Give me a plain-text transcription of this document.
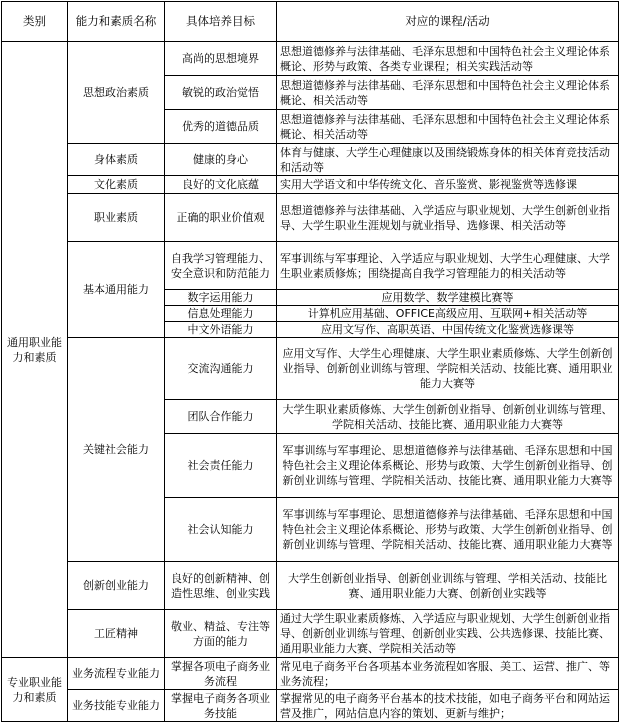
类别	能力和素质名称	具体培养目标	对应的课程/活动
通用职业能力和素质	思想政治素质	高尚的思想境界	思想道德修养与法律基础、毛泽东思想和中国特色社会主义理论体系概论、形势与政策、各类专业课程；相关实践活动等
		敏锐的政治觉悟	思想道德修养与法律基础、毛泽东思想和中国特色社会主义理论体系概论、相关活动等
		优秀的道德品质	思想道德修养与法律基础、毛泽东思想和中国特色社会主义理论体系概论、相关活动等
	身体素质	健康的身心	体育与健康、大学生心理健康以及围绕锻炼身体的相关体育竞技活动和活动等
	文化素质	良好的文化底蕴	实用大学语文和中华传统文化、音乐鉴赏、影视鉴赏等选修课
	职业素质	正确的职业价值观	思想道德修养与法律基础、入学适应与职业规划、大学生创新创业指导、大学生职业生涯规划与就业指导、选修课、相关活动等
	基本通用能力	自我学习管理能力、安全意识和防范能力	军事训练与军事理论、入学适应与职业规划、大学生心理健康、大学生职业素质修炼；围绕提高自我学习管理能力的相关活动等
		数字运用能力	应用数学、数学建模比赛等
		信息处理能力	计算机应用基础、OFFICE高级应用、互联网+相关活动等
		中文外语能力	应用文写作、高职英语、中国传统文化鉴赏选修课等
	关键社会能力	交流沟通能力	应用文写作、大学生心理健康、大学生职业素质修炼、大学生创新创业指导、创新创业训练与管理、学院相关活动、技能比赛、通用职业能力大赛等
		团队合作能力	大学生职业素质修炼、大学生创新创业指导、创新创业训练与管理、学院相关活动、技能比赛、通用职业能力大赛等
		社会责任能力	军事训练与军事理论、思想道德修养与法律基础、毛泽东思想和中国特色社会主义理论体系概论、形势与政策、大学生创新创业指导、创新创业训练与管理、学院相关活动、技能比赛、通用职业能力大赛等
		社会认知能力	军事训练与军事理论、思想道德修养与法律基础、毛泽东思想和中国特色社会主义理论体系概论、形势与政策、大学生创新创业指导、创新创业训练与管理、学院相关活动、技能比赛、通用职业能力大赛等
	创新创业能力	良好的创新精神、创造性思维、创业实践	大学生创新创业指导、创新创业训练与管理、学相关活动、技能比赛、通用职业能力大赛、创新创业实践等
	工匠精神	敬业、精益、专注等方面的能力	通过大学生职业素质修炼、入学适应与职业规划、大学生创新创业指导、创新创业训练与管理、创新创业实践、公共选修课、技能比赛、通用职业能力大赛、学院相关活动等
专业职业能力和素质	业务流程专业能力	掌握各项电子商务业务流程	常见电子商务平台各项基本业务流程如客服、美工、运营、推广、等业务流程；
	业务技能专业能力	掌握电子商务各项业务技能	掌握常见的电子商务平台基本的技术技能，如电子商务平台和网站运营及推广，网站信息内容的策划、更新与维护；
